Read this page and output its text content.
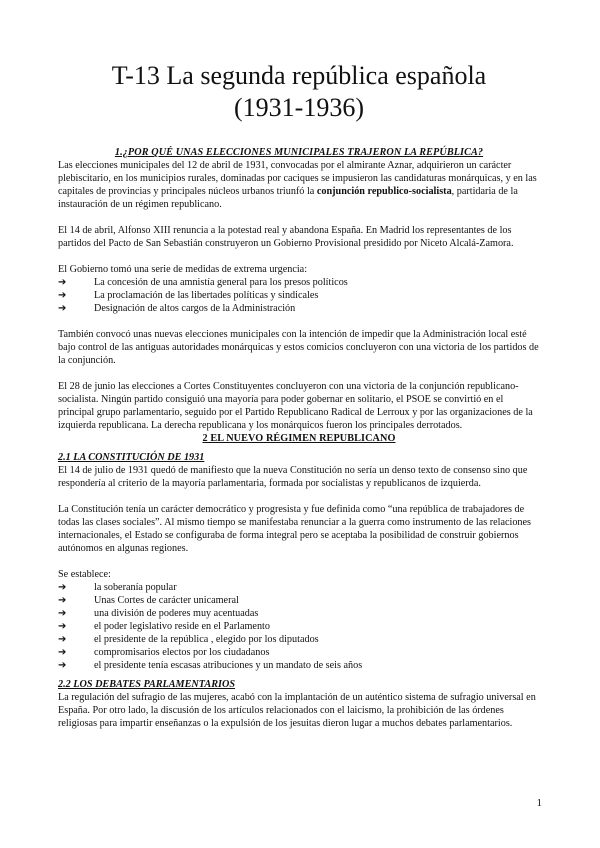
T-13 La segunda república española
(1931-1936)
1.¿POR QUÉ UNAS ELECCIONES MUNICIPALES TRAJERON LA REPÚBLICA?

Las elecciones municipales del 12 de abril de 1931, convocadas por el almirante Aznar, adquirieron un carácter plebiscitario, en los municipios rurales, dominadas por caciques se impusieron las candidaturas monárquicas, y en las capitales de provincias y principales núcleos urbanos triunfó la conjunción republico-socialista, partidaria de la instauración de un régimen republicano.

El 14 de abril, Alfonso XIII renuncia a la potestad real y abandona España. En Madrid los representantes de los partidos del Pacto de San Sebastián construyeron un Gobierno Provisional presidido por Niceto Alcalá-Zamora.

El Gobierno tomó una serie de medidas de extrema urgencia:

➔	La concesión de una amnistía general para los presos políticos
➔	La proclamación de las libertades políticas y sindicales
➔	Designación de altos cargos de la Administración

También convocó unas nuevas elecciones municipales con la intención de impedir que la Administración local esté bajo control de las antiguas autoridades monárquicas y estos comicios concluyeron con una victoria de los partidos de la conjunción.

El 28 de junio las elecciones a Cortes Constituyentes concluyeron con una victoria de la conjunción republicano-socialista. Ningún partido consiguió una mayoría para poder gobernar en solitario, el PSOE se convirtió en el principal grupo parlamentario, seguido por el Partido Republicano Radical de Lerroux y por las organizaciones de la izquierda republicana. La derecha republicana y los monárquicos fueron los principales derrotados.

2 EL NUEVO RÉGIMEN REPUBLICANO
2.1 LA CONSTITUCIÓN DE 1931

El 14 de julio de 1931 quedó de manifiesto que la nueva Constitución no sería un denso texto de consenso sino que respondería al criterio de la mayoría parlamentaria, formada por socialistas y republicanos de izquierda.

La Constitución tenía un carácter democrático y progresista y fue definida como “una república de trabajadores de todas las clases sociales”. Al mismo tiempo se manifestaba renunciar a la guerra como instrumento de las relaciones internacionales, el Estado se configuraba de forma integral pero se aceptaba la posibilidad de construir gobiernos autónomos en algunas regiones.

Se establece:

➔	la soberanía popular
➔	Unas Cortes de carácter unicameral
➔	una división de poderes muy acentuadas
➔	el poder legislativo reside en el Parlamento
➔	el presidente de la república , elegido por los diputados
➔	compromisarios electos por los ciudadanos
➔	el presidente tenía escasas atribuciones y un mandato de seis años
2.2 LOS DEBATES PARLAMENTARIOS

La regulación del sufragio de las mujeres, acabó con la implantación de un auténtico sistema de sufragio universal en España. Por otro lado, la discusión de los artículos relacionados con el laicismo, la prohibición de las órdenes religiosas para impartir enseñanzas o la expulsión de los jesuitas dieron lugar a muchos debates parlamentarios.

1
